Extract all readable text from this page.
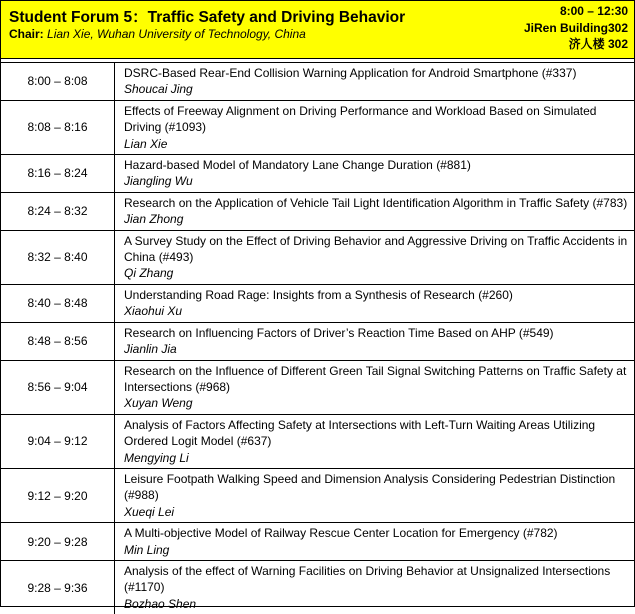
Student Forum 5：Traffic Safety and Driving Behavior
Chair: Lian Xie, Wuhan University of Technology, China
8:00 – 12:30
JiRen Building302
济人楼 302
8:00 – 8:08
DSRC-Based Rear-End Collision Warning Application for Android Smartphone (#337)
Shoucai Jing
8:08 – 8:16
Effects of Freeway Alignment on Driving Performance and Workload Based on Simulated Driving (#1093)
Lian Xie
8:16 – 8:24
Hazard-based Model of Mandatory Lane Change Duration (#881)
Jiangling Wu
8:24 – 8:32
Research on the Application of Vehicle Tail Light Identification Algorithm in Traffic Safety (#783)
Jian Zhong
8:32 – 8:40
A Survey Study on the Effect of Driving Behavior and Aggressive Driving on Traffic Accidents in China (#493)
Qi Zhang
8:40 – 8:48
Understanding Road Rage: Insights from a Synthesis of Research (#260)
Xiaohui Xu
8:48 – 8:56
Research on Influencing Factors of Driver’s Reaction Time Based on AHP (#549)
Jianlin Jia
8:56 – 9:04
Research on the Influence of Different Green Tail Signal Switching Patterns on Traffic Safety at Intersections (#968)
Xuyan Weng
9:04 – 9:12
Analysis of Factors Affecting Safety at Intersections with Left-Turn Waiting Areas Utilizing Ordered Logit Model (#637)
Mengying Li
9:12 – 9:20
Leisure Footpath Walking Speed and Dimension Analysis Considering Pedestrian Distinction (#988)
Xueqi Lei
9:20 – 9:28
A Multi-objective Model of Railway Rescue Center Location for Emergency (#782)
Min Ling
9:28 – 9:36
Analysis of the effect of Warning Facilities on Driving Behavior at Unsignalized Intersections (#1170)
Bozhao Shen
